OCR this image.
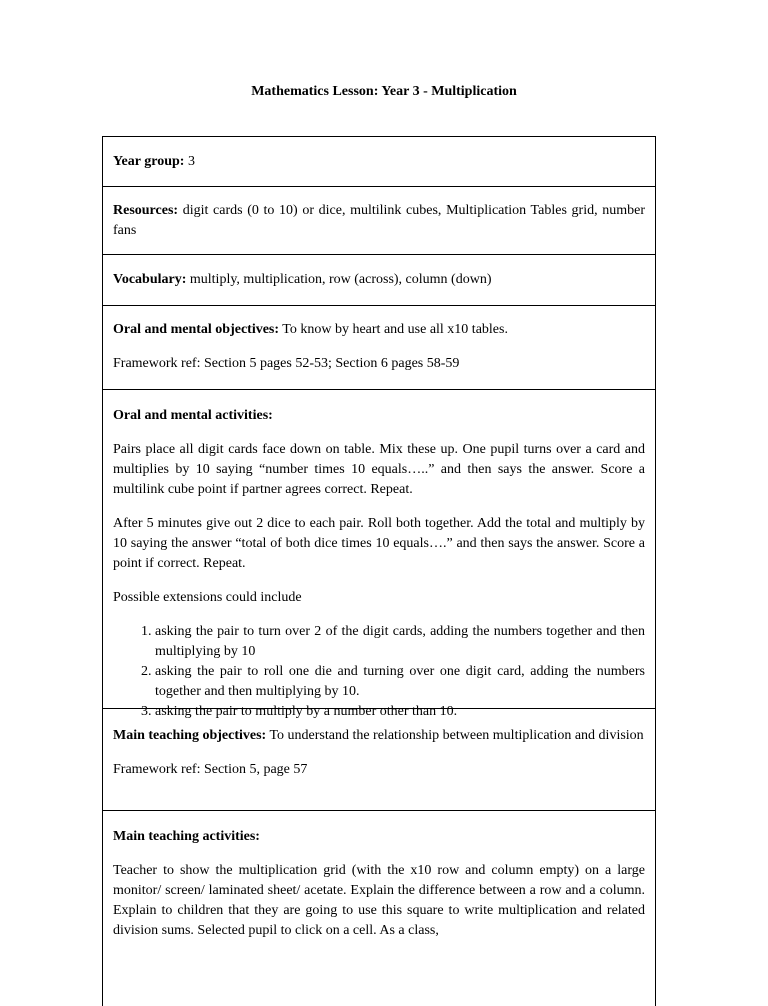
Mathematics Lesson: Year 3 - Multiplication

Year group: 3

Resources: digit cards (0 to 10) or dice, multilink cubes, Multiplication Tables grid, number fans

Vocabulary: multiply, multiplication, row (across), column (down)

Oral and mental objectives: To know by heart and use all x10 tables.

Framework ref: Section 5 pages 52-53; Section 6 pages 58-59

Oral and mental activities:

Pairs place all digit cards face down on table. Mix these up. One pupil turns over a card and multiplies by 10 saying “number times 10 equals…..” and then says the answer. Score a multilink cube point if partner agrees correct. Repeat.

After 5 minutes give out 2 dice to each pair. Roll both together. Add the total and multiply by 10 saying the answer “total of both dice times 10 equals….” and then says the answer. Score a point if correct. Repeat.

Possible extensions could include

1. asking the pair to turn over 2 of the digit cards, adding the numbers together and then multiplying by 10
2. asking the pair to roll one die and turning over one digit card, adding the numbers together and then multiplying by 10.
3. asking the pair to multiply by a number other than 10.

Main teaching objectives: To understand the relationship between multiplication and division

Framework ref: Section 5, page 57

Main teaching activities:

Teacher to show the multiplication grid (with the x10 row and column empty) on a large monitor/ screen/ laminated sheet/ acetate. Explain the difference between a row and a column. Explain to children that they are going to use this square to write multiplication and related division sums. Selected pupil to click on a cell. As a class,
